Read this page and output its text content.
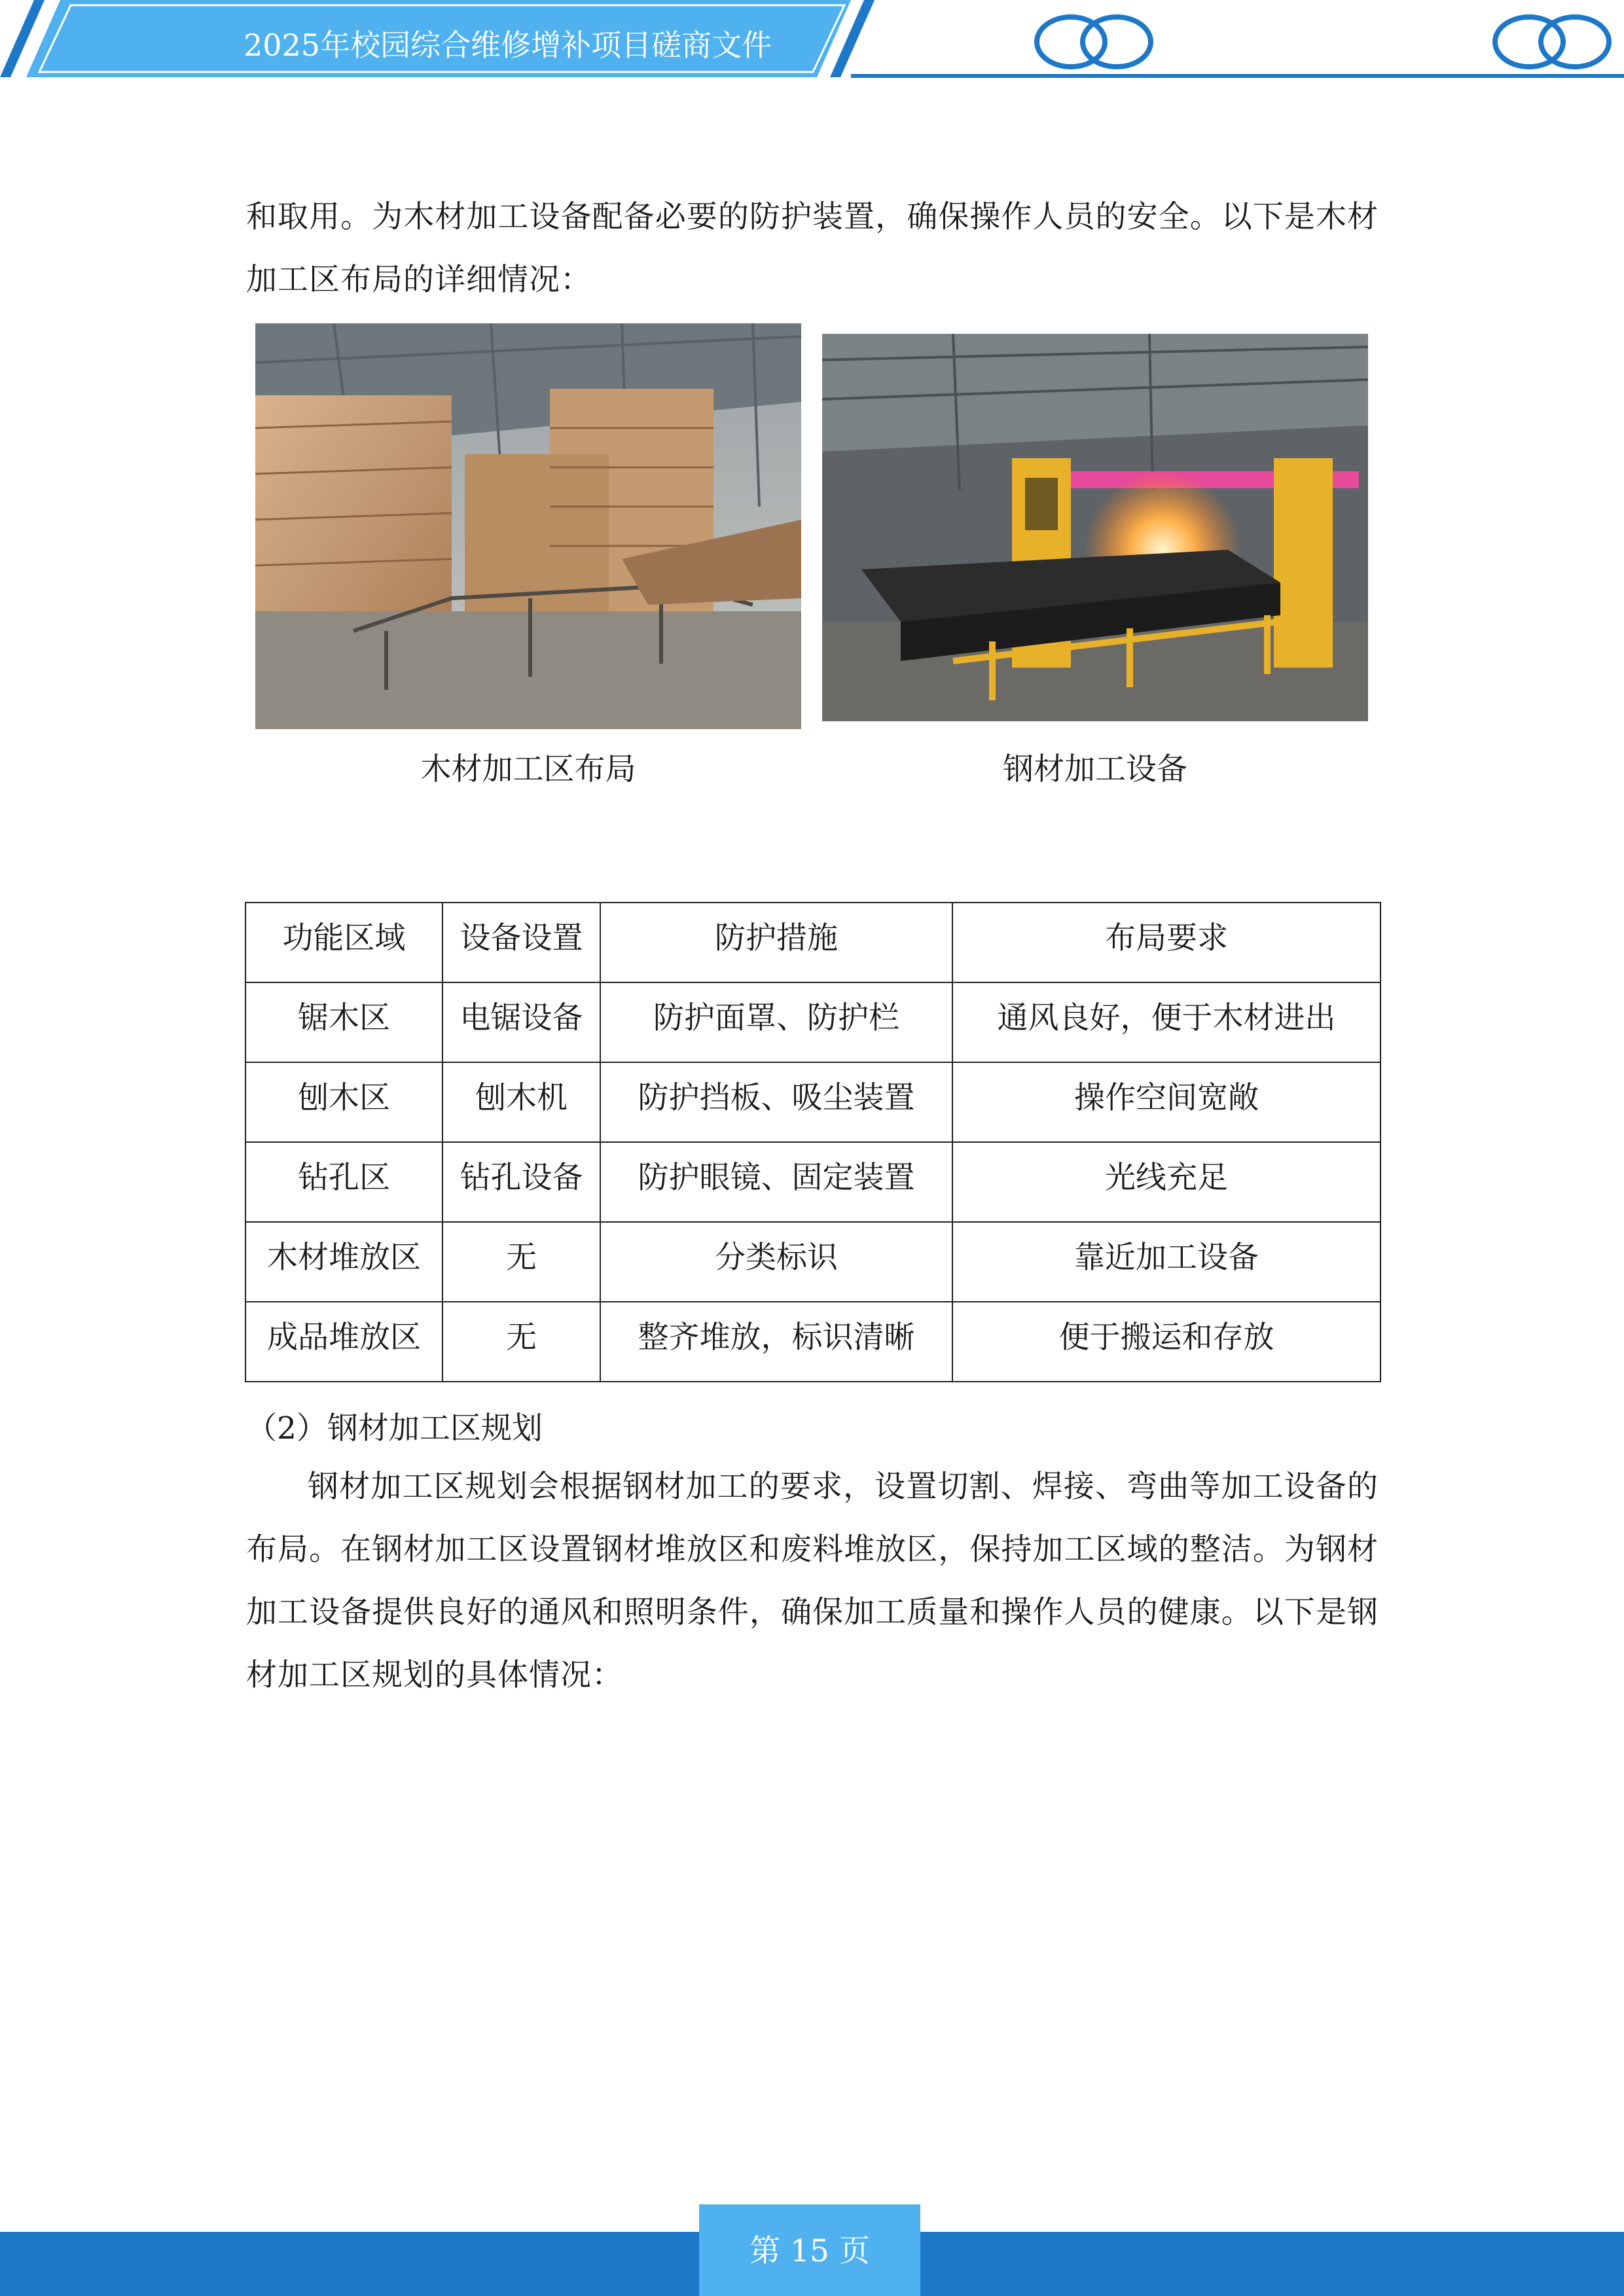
2025年校园综合维修增补项目磋商文件
和取用。为木材加工设备配备必要的防护装置，确保操作人员的安全。以下是木材加工区布局的详细情况：
木材加工区布局	钢材加工设备
功能区域	设备设置	防护措施	布局要求
锯木区	电锯设备	防护面罩、防护栏	通风良好，便于木材进出
刨木区	刨木机	防护挡板、吸尘装置	操作空间宽敞
钻孔区	钻孔设备	防护眼镜、固定装置	光线充足
木材堆放区	无	分类标识	靠近加工设备
成品堆放区	无	整齐堆放，标识清晰	便于搬运和存放
（2）钢材加工区规划
钢材加工区规划会根据钢材加工的要求，设置切割、焊接、弯曲等加工设备的布局。在钢材加工区设置钢材堆放区和废料堆放区，保持加工区域的整洁。为钢材加工设备提供良好的通风和照明条件，确保加工质量和操作人员的健康。以下是钢材加工区规划的具体情况：
第 15 页
